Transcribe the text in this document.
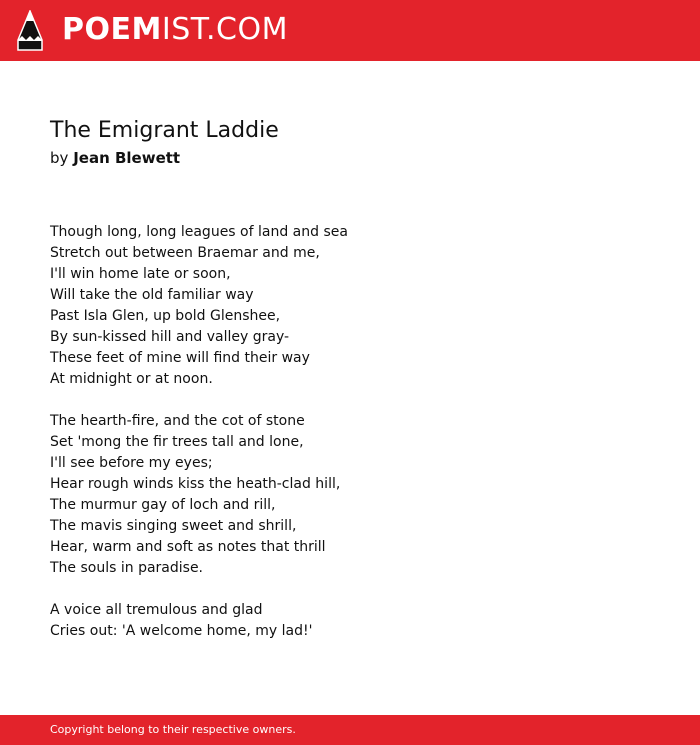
POEMIST.COM
The Emigrant Laddie
by Jean Blewett
Though long, long leagues of land and sea
Stretch out between Braemar and me,
I'll win home late or soon,
Will take the old familiar way
Past Isla Glen, up bold Glenshee,
By sun-kissed hill and valley gray-
These feet of mine will find their way
At midnight or at noon.
The hearth-fire, and the cot of stone
Set 'mong the fir trees tall and lone,
I'll see before my eyes;
Hear rough winds kiss the heath-clad hill,
The murmur gay of loch and rill,
The mavis singing sweet and shrill,
Hear, warm and soft as notes that thrill
The souls in paradise.
A voice all tremulous and glad
Cries out: 'A welcome home, my lad!'
Copyright belong to their respective owners.
